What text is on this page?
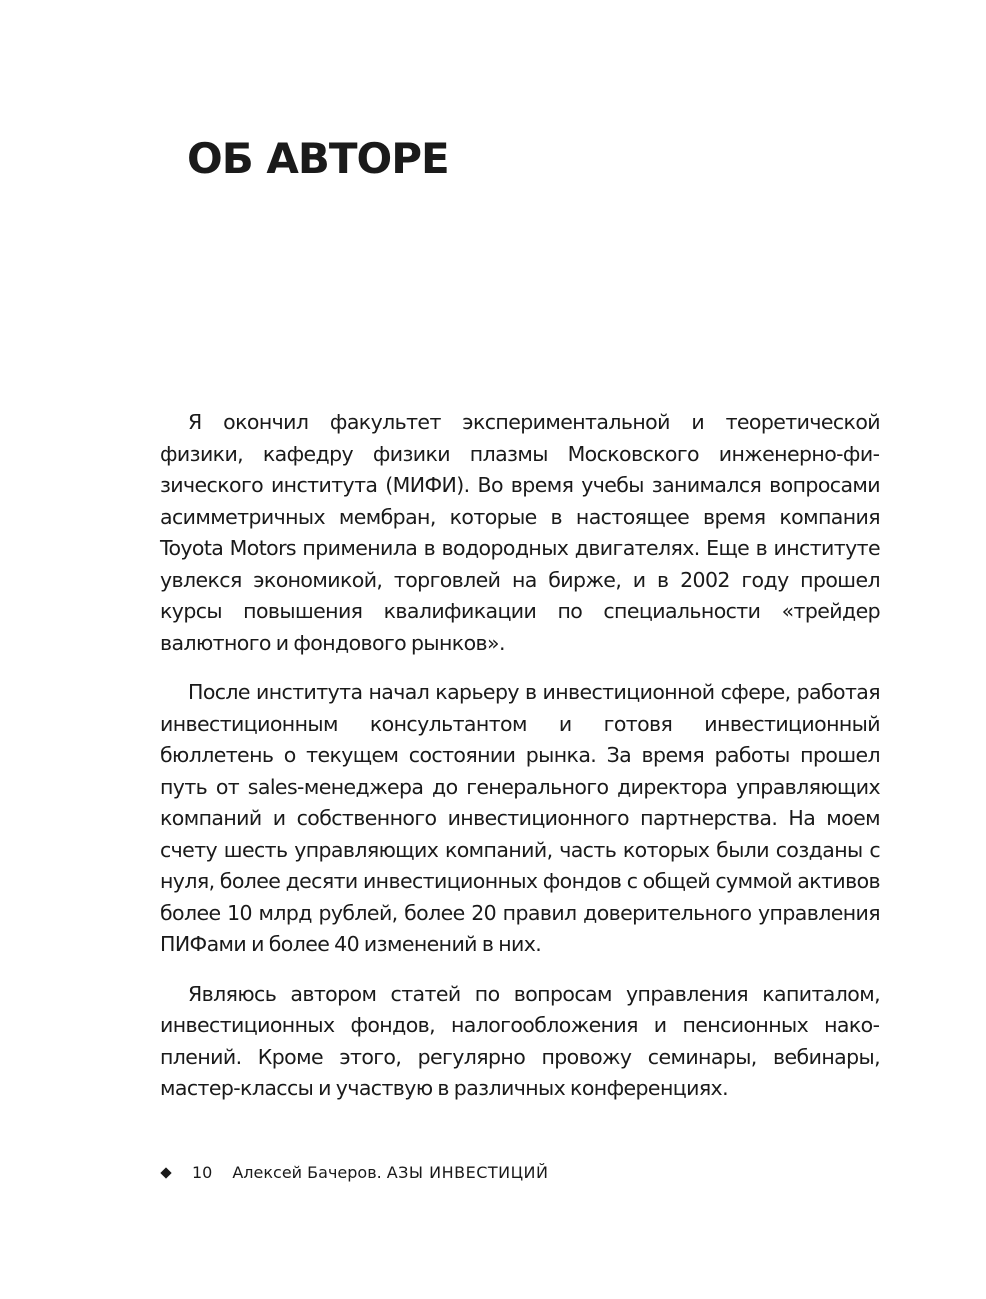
ОБ АВТОРЕ

Я окончил факультет экспериментальной и теоретической физики, кафедру физики плазмы Московского инженерно-физического института (МИФИ). Во время учебы занимался вопросами асимметричных мембран, которые в настоящее время компания Toyota Motors применила в водородных двигателях. Еще в институте увлекся экономикой, торговлей на бирже, и в 2002 году прошел курсы повышения квалификации по специальности «трейдер валютного и фондового рынков».

После института начал карьеру в инвестиционной сфере, работая инвестиционным консультантом и готовя инвестиционный бюллетень о текущем состоянии рынка. За время работы прошел путь от sales-менеджера до генерального директора управляющих компаний и собственного инвестиционного партнерства. На моем счету шесть управляющих компаний, часть которых были созданы с нуля, более десяти инвестиционных фондов с общей суммой активов более 10 млрд рублей, более 20 правил доверительного управления ПИФами и более 40 изменений в них.

Являюсь автором статей по вопросам управления капиталом, инвестиционных фондов, налогообложения и пенсионных накоплений. Кроме этого, регулярно провожу семинары, вебинары, мастер-классы и участвую в различных конференциях.

10 Алексей Бачеров. АЗЫ ИНВЕСТИЦИЙ
